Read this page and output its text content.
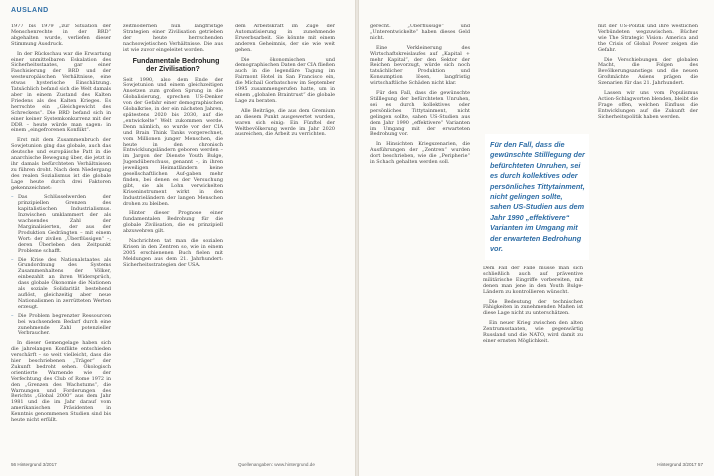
AUSLAND

1977 bis 1979 „zur Situation der Menschenrechte in der BRD“ abgehalten wurde, verliefen dieser Stimmung Ausdruck.

In der Rückschau war die Erwartung einer unmittelbaren Eskalation des Sicherheitsstaates, gar einer Faschisierung der BRD und der westeuropäischen Verhältnisse, eine etwas hysterische Einschätzung. Tatsächlich befand sich die Welt damals aber in einem Zustand des Kalten Friedens als des Kalten Krieges. Es herrschte ein „Gleichgewicht des Schreckens“. Die BRD befand sich in einer keiner Systemkonkurrenz mit der DDR – heute würde man sagen: in einem „eingefrorenen Konflikt“.

Erst mit dem Zusammenbruch der Sowjetunion ging das globale, auch das deutsche und europäische Patt in die anarchische Bewegung über, die jetzt in ihr damals befürchteten Verhältnissen zu führen droht. Nach dem Niedergang des realen Sozialismus ist die globale Lage heute durch drei Faktoren gekennzeichnet:

– Das Schlüsselwerden der prinzipiellen Grenzen des kapitalistischen Industrialismus. Inzwischen umklammert der als wachsendes Zahl der Marginalisierten, der aus der Produktion Gedrängten – mit einem Wort: der zivilen „Überflüssigen“ –, deren Überleben den Zeitpunkt Probleme schafft.
– Die Krise des Nationalstaates als Grundordnung des Systems Zusammenhaltens der Völker, einbezahlt an ihren Widersprüch, dass globale Ökonomie die Nationen als soziale Solidarität bestehend auflöst, gleichzeitig aber neue Nationalismen in zerrütteten Werten erzeugt.
– Die Problem begrenzter Ressourcen bei wachsendem Bedarf durch eine zunehmende Zahl potenzieller Verbraucher.

In dieser Gemengelage haben sich die jahrelangen Konflikte entschieden verschärft – so weit vielleicht, dass die hier beschriebenen „Träger“ der Zukunft bedroht sehen. Ökologisch orientierte Warnende wie der Verfechtung des Club of Rome 1972 in den „Grenzen des Wachstums“, die Warnungen und Forderungen des Berichts „Global 2000“ aus dem Jahr 1981 und die im Jahr darauf vom amerikanischen Präsidenten in Kenntnis genommenen Studien sind bis heute nicht erfüllt.

zeitmodernen nun langfristige Strategien einer Zivilisation getrieben der heute herrschenden nachsowjetischen Verhältnisse. Die aus ist wie zuvor eingeleitet worden.

Fundamentale Bedrohung der Zivilisation?

Seit 1990, also dem Ende der Sowjetunion und einem gleichzeitigen Ansetzen zum großen Sprung in die Globalisierung, sprechen US-Denker von der Gefahr einer demographischen Globalkrise, in der ein nächsten Jahren, spätestens 2020 bis 2030, auf die „entwickelte“ Welt zukommen werde. Denn nämlich, so wurde vor der CIA und Brain Think Tanks vorgerechnet, vom Millionen junger Menschen, die heute in den chronisch Entwicklungsländern geboren werden – im Jargon der Dienste Youth Bulge, Jugendüberschuss, genannt –, in ihren jeweiligen Heimatländern keine gesellschaftlichen Auf-gaben mehr finden, bei denen es der Versuchung gibt, sie als Lohn verwickelten Kriseninstrument wirkt in den Industrieländern der langen Menschen drohen zu bleiben.

Hinter dieser Prognose einer fundamentalen Bedrohung für die globale Zivilisation, die es prinzipiell abzuwehren gilt.

Nachrichten tat man die sozialen Krisen in den Zentren so, wie in einem 2005 erschienenen Buch fielen mit Meldungen aus dem 21. Jahrhundert: Sicherheitsstrategien der USA.

dem Arbeitskraft im Zuge der Automatisierung in zunehmende Erwerbsarbeit. Sie könnte mit einem anderen Geheimnis, der sie wie weit gehen.

Die ökonomischen und demographischen Daten der CIA fließen auch in die legendäre Tagung im Fairmont Hotel in San Francisco ein, die Michail Gorbatschow im September 1995 zusammengerufen hatte, um in einem „globalen Braintrust“ die globale Lage zu beraten.

Alle Beiträge, die aus dem Gremium an diesem Punkt ausgewertet wurden, waren sich einig: Ein Fünftel der Weltbevölkerung werde im Jahr 2020 ausreichen, die Arbeit zu verrichten.

56 Hintergrund 3/2017	Quellenangaben: www.hintergrund.de

gerecht. „Überflüssige“ und „Unterentwickelte“ haben dieses Geld nicht.

Eine Verkleinerung des Wirtschaftskreislaufes auf „Kapital + mehr Kapital“, der den Sektor der Reichen bevorzugt, würde sich noch tatsächlicher Produktion und Konsumption lösen, langfristig wirtschaftliche Schäden nicht klar.

Für den Fall, dass die gewünschte Stilllegung der befürchteten Unruhen, sei es durch kollektives oder persönliches Tittytainment, nicht gelingen sollte, sahen US-Studien aus dem Jahr 1990 „effektivere“ Varianten im Umgang mit der erwarteten Bedrohung vor.

In Hinsichten Kriegszenarien, die Ausführungen der „Zentren“ wurden dort beschrieben, wie die „Peripherie“ in Schach gehalten werden soll.

Für den Fall, dass die gewünschte Stilllegung der befürchteten Unruhen, sei es durch kollektives oder persönliches Tittytainment, nicht gelingen sollte, sahen US-Studien aus dem Jahr 1990 „effektivere“ Varianten im Umgang mit der erwarteten Bedrohung vor.

Dem Fall der Fälle müsse man sich schließlich auch auf präventive militärische Eingriffe vorbereiten, mit denen man jene in den Youth Bulge-Ländern zu kontrollieren wünscht.

Die Bedeutung der technischen Fähigkeiten in zunehmenden Maßen ist diese Lage nicht zu unterschätzen.

Ein neuer Krieg zwischen den alten Zentrumsstaaten, wie gegenwärtig Russland und die NATO, wird damit zu einer ernsten Möglichkeit.

mit der US-Politik und ihre westlichen Verbündeten wegzuwischen. Bücher wie The Strategic Vision: America and the Crisis of Global Power zeigen die Gefahr.

Die Verschiebungen der globalen Macht, die Folgen des Bevölkerungsanstiegs und die neuen Großmächte Asiens prägen die Szenarien für das 21. Jahrhundert.

Lassen wir uns vom Populismus Action-Schlagworten blenden, bleibt die Frage offen, welchen Einfluss die Entwicklungen auf die Zukunft der Sicherheitspolitik haben werden.

Hintergrund 3/2017 57
